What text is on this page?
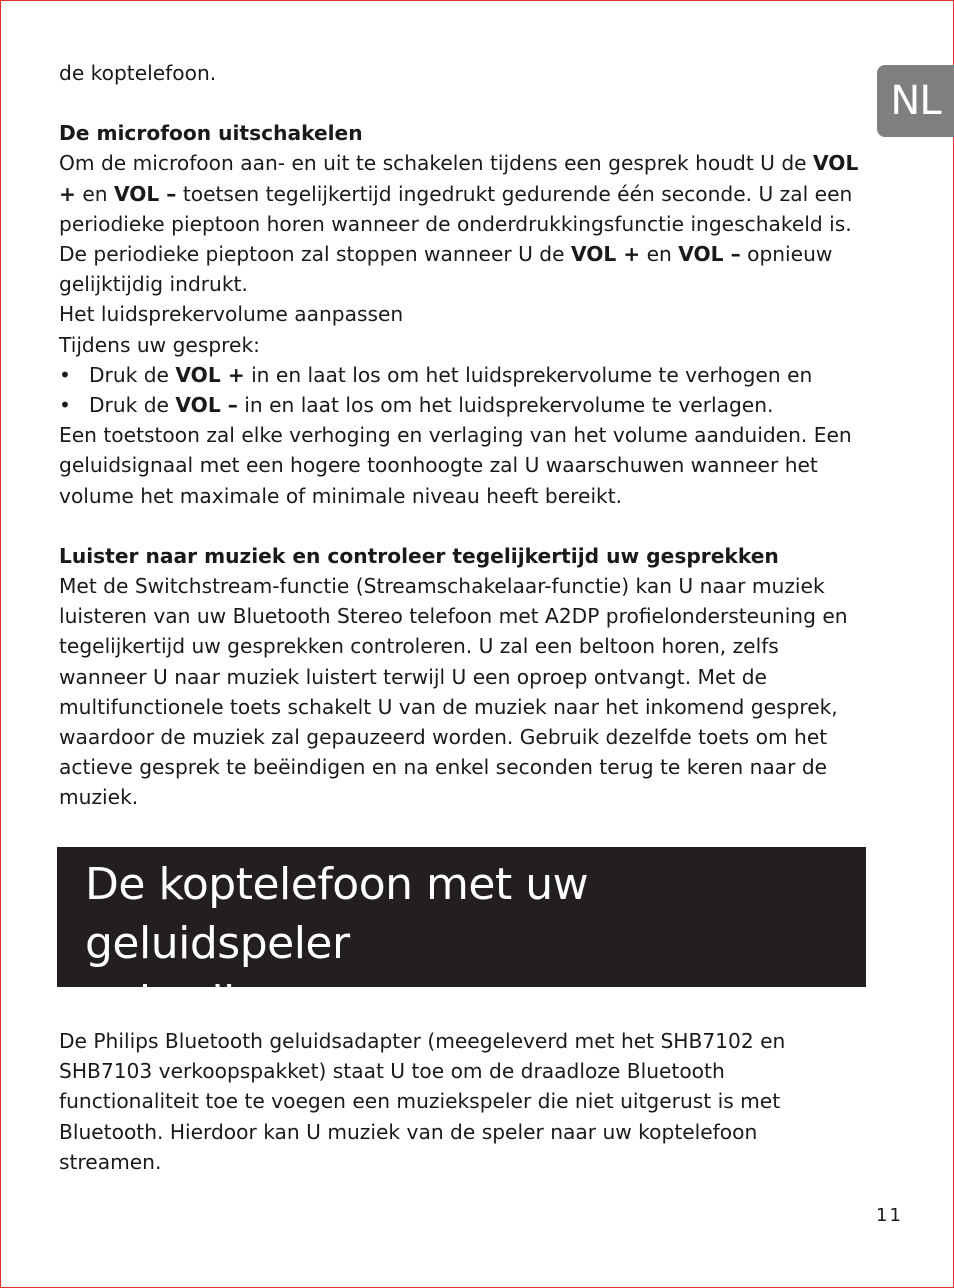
NL

de koptelefoon.

De microfoon uitschakelen

Om de microfoon aan- en uit te schakelen tijdens een gesprek houdt U de VOL + en VOL – toetsen tegelijkertijd ingedrukt gedurende één seconde. U zal een periodieke pieptoon horen wanneer de onderdrukkingsfunctie ingeschakeld is. De periodieke pieptoon zal stoppen wanneer U de VOL + en VOL – opnieuw gelijktijdig indrukt.

Het luidsprekervolume aanpassen

Tijdens uw gesprek:

• Druk de VOL + in en laat los om het luidsprekervolume te verhogen en

• Druk de VOL – in en laat los om het luidsprekervolume te verlagen.

Een toetstoon zal elke verhoging en verlaging van het volume aanduiden. Een geluidsignaal met een hogere toonhoogte zal U waarschuwen wanneer het volume het maximale of minimale niveau heeft bereikt.

Luister naar muziek en controleer tegelijkertijd uw gesprekken

Met de Switchstream-functie (Streamschakelaar-functie) kan U naar muziek luisteren van uw Bluetooth Stereo telefoon met A2DP profielondersteuning en tegelijkertijd uw gesprekken controleren. U zal een beltoon horen, zelfs wanneer U naar muziek luistert terwijl U een oproep ontvangt. Met de multifunctionele toets schakelt U van de muziek naar het inkomend gesprek, waardoor de muziek zal gepauzeerd worden. Gebruik dezelfde toets om het actieve gesprek te beëindigen en na enkel seconden terug te keren naar de muziek.

De koptelefoon met uw geluidspeler
gebruiken

De Philips Bluetooth geluidsadapter (meegeleverd met het SHB7102 en SHB7103 verkoopspakket) staat U toe om de draadloze Bluetooth functionaliteit toe te voegen een muziekspeler die niet uitgerust is met Bluetooth. Hierdoor kan U muziek van de speler naar uw koptelefoon streamen.

11
